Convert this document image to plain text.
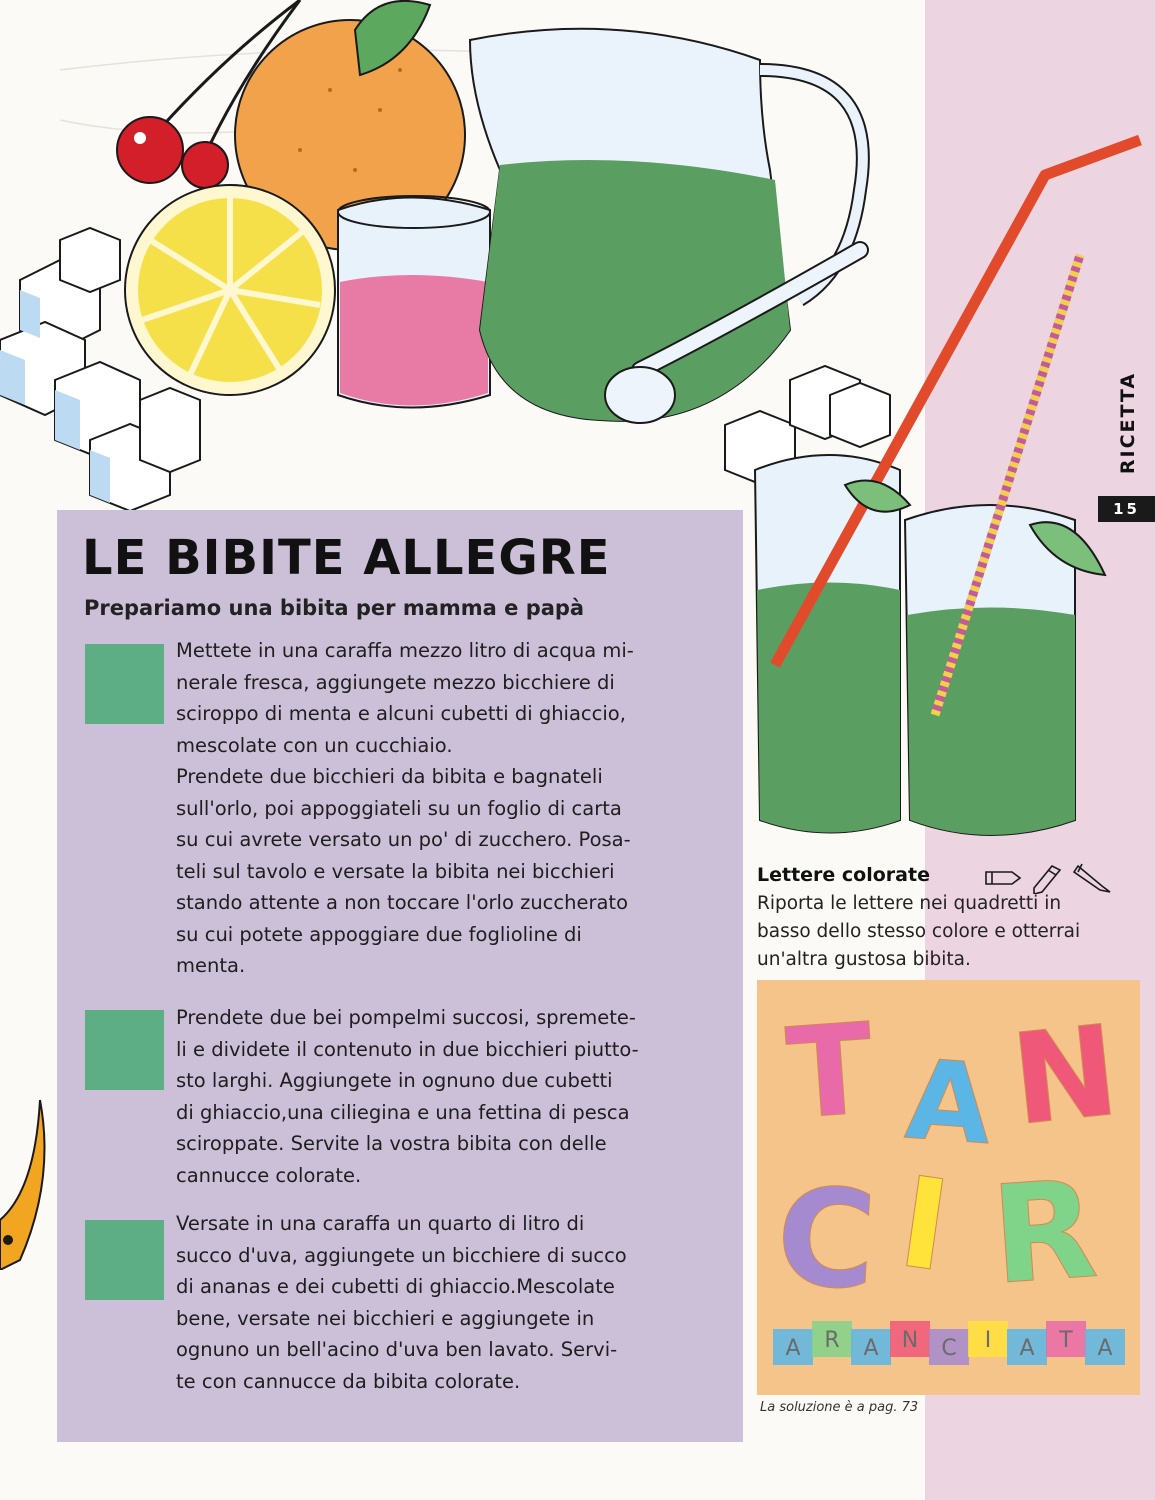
RICETTA
15
LE BIBITE ALLEGRE
Prepariamo una bibita per mamma e papà
Mettete in una caraffa mezzo litro di acqua mi-
nerale fresca, aggiungete mezzo bicchiere di
sciroppo di menta e alcuni cubetti di ghiaccio,
mescolate con un cucchiaio.
Prendete due bicchieri da bibita e bagnateli
sull'orlo, poi appoggiateli su un foglio di carta
su cui avrete versato un po' di zucchero. Posa-
teli sul tavolo e versate la bibita nei bicchieri
stando attente a non toccare l'orlo zuccherato
su cui potete appoggiare due foglioline di
menta.
Prendete due bei pompelmi succosi, spremete-
li e dividete il contenuto in due bicchieri piutto-
sto larghi. Aggiungete in ognuno due cubetti
di ghiaccio,una ciliegina e una fettina di pesca
sciroppate. Servite la vostra bibita con delle
cannucce colorate.
Versate in una caraffa un quarto di litro di
succo d'uva, aggiungete un bicchiere di succo
di ananas e dei cubetti di ghiaccio.Mescolate
bene, versate nei bicchieri e aggiungete in
ognuno un bell'acino d'uva ben lavato. Servi-
te con cannucce da bibita colorate.
Lettere colorate
Riporta le lettere nei quadretti in
basso dello stesso colore e otterrai
un'altra gustosa bibita.
T A N
C I R
A R A N C I A T A
La soluzione è a pag. 73
